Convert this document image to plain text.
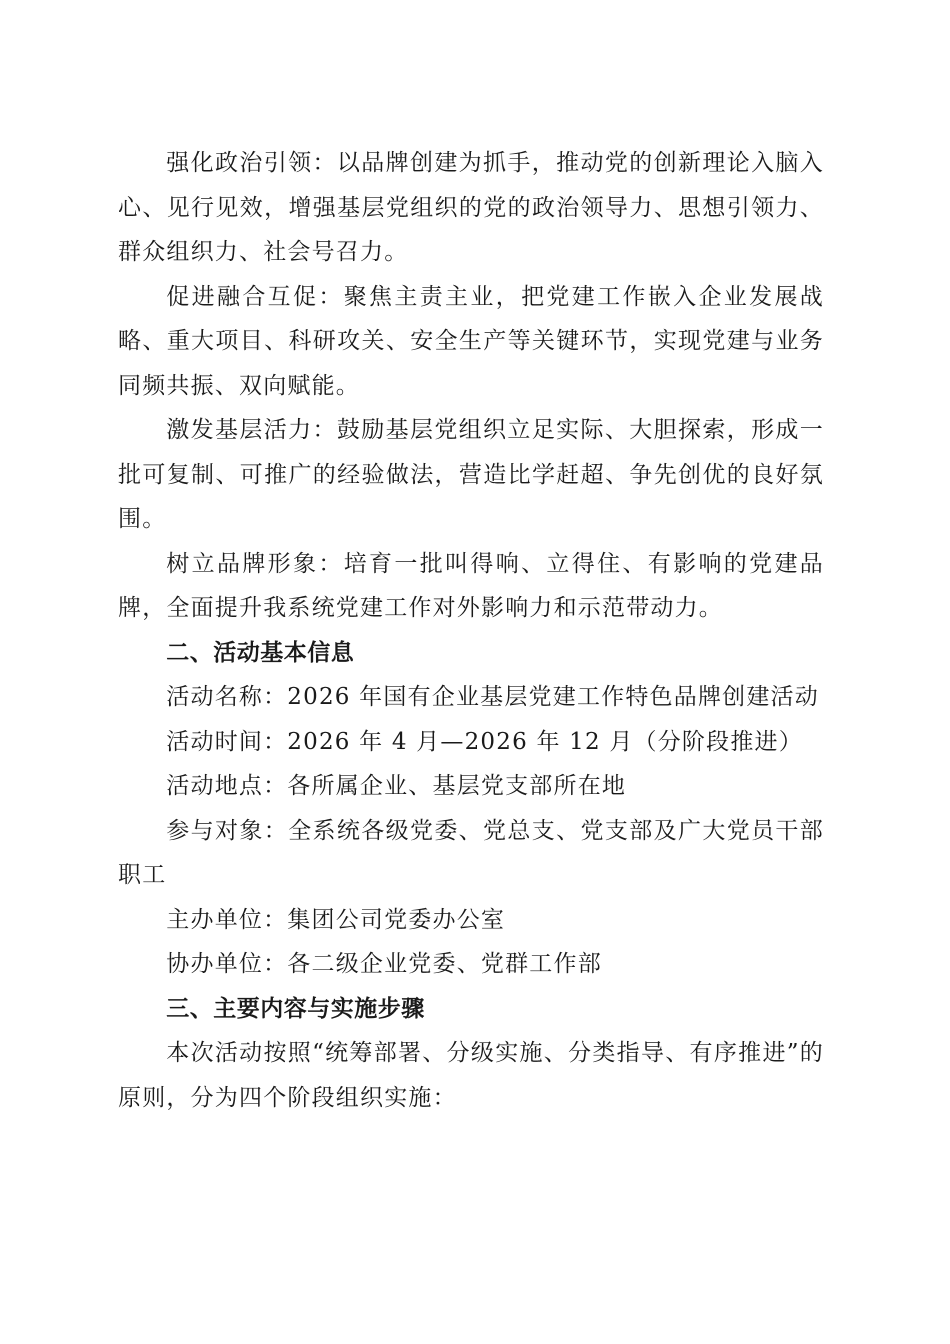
强化政治引领：以品牌创建为抓手，推动党的创新理论入脑入心、见行见效，增强基层党组织的党的政治领导力、思想引领力、群众组织力、社会号召力。

促进融合互促：聚焦主责主业，把党建工作嵌入企业发展战略、重大项目、科研攻关、安全生产等关键环节，实现党建与业务同频共振、双向赋能。

激发基层活力：鼓励基层党组织立足实际、大胆探索，形成一批可复制、可推广的经验做法，营造比学赶超、争先创优的良好氛围。

树立品牌形象：培育一批叫得响、立得住、有影响的党建品牌，全面提升我系统党建工作对外影响力和示范带动力。

二、活动基本信息

活动名称：2026 年国有企业基层党建工作特色品牌创建活动

活动时间：2026 年 4 月—2026 年 12 月（分阶段推进）

活动地点：各所属企业、基层党支部所在地

参与对象：全系统各级党委、党总支、党支部及广大党员干部职工

主办单位：集团公司党委办公室

协办单位：各二级企业党委、党群工作部

三、主要内容与实施步骤

本次活动按照“统筹部署、分级实施、分类指导、有序推进”的原则，分为四个阶段组织实施：
